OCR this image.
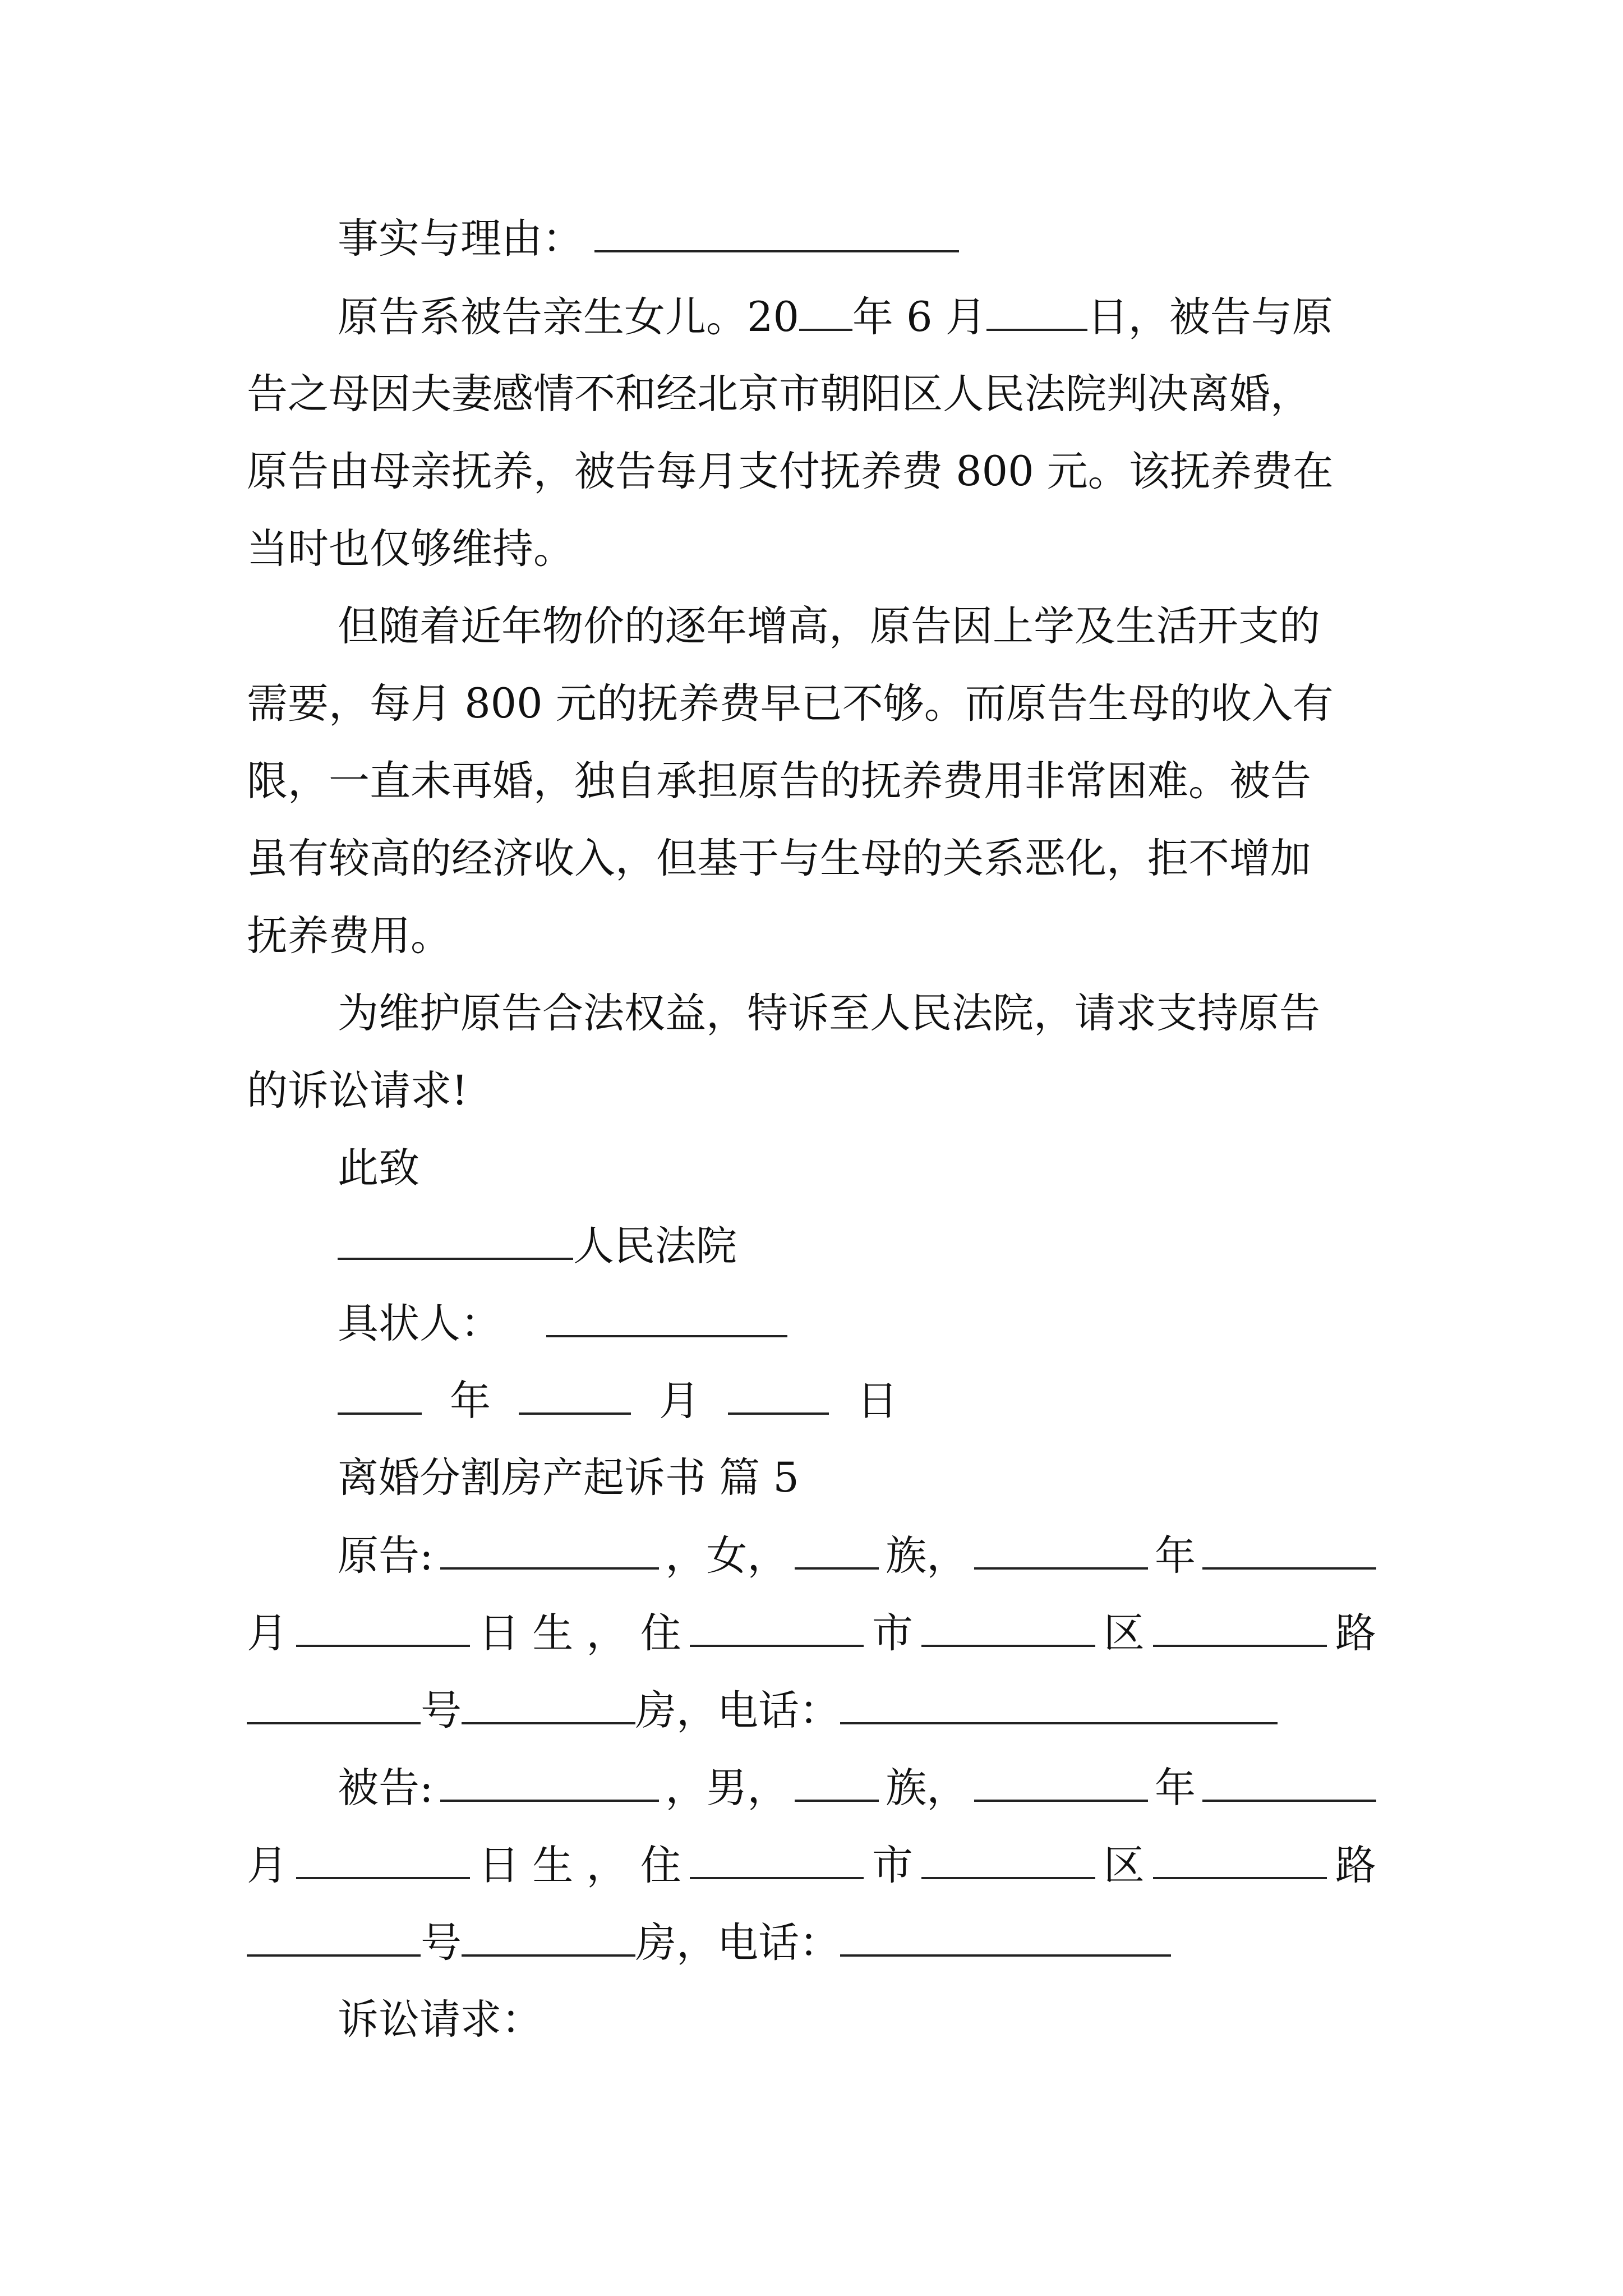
事实与理由：
原告系被告亲生女儿。20 年 6 月 日，被告与原
告之母因夫妻感情不和经北京市朝阳区人民法院判决离婚，
原告由母亲抚养，被告每月支付抚养费 800 元。该抚养费在
当时也仅够维持。
但随着近年物价的逐年增高，原告因上学及生活开支的
需要，每月 800 元的抚养费早已不够。而原告生母的收入有
限，一直未再婚，独自承担原告的抚养费用非常困难。被告
虽有较高的经济收入，但基于与生母的关系恶化，拒不增加
抚养费用。
为维护原告合法权益，特诉至人民法院，请求支持原告
的诉讼请求!
此致
人民法院
具状人：
年	月	日
离婚分割房产起诉书 篇 5
原告:	，女， 族，	年
月	日 生 ， 住	市	区	路
号	房，电话：
被告:	，男， 族，	年
月	日 生 ， 住	市	区	路
号	房，电话：
诉讼请求：
